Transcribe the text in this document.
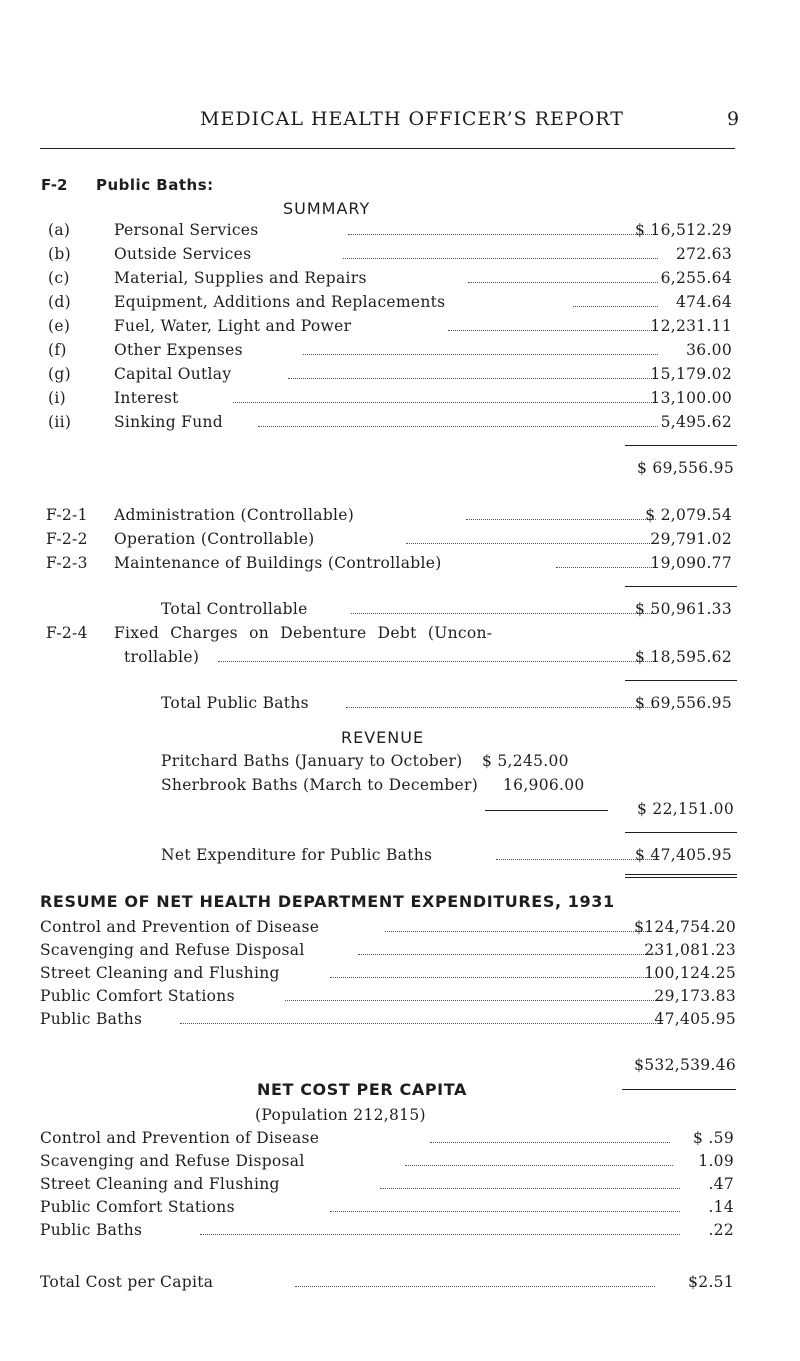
MEDICAL HEALTH OFFICER’S REPORT	9
F-2 Public Baths:
SUMMARY
(a)	Personal Services	$ 16,512.29
(b)	Outside Services	272.63
(c)	Material, Supplies and Repairs	6,255.64
(d)	Equipment, Additions and Replacements	474.64
(e)	Fuel, Water, Light and Power	12,231.11
(f)	Other Expenses	36.00
(g)	Capital Outlay	15,179.02
(i)	Interest	13,100.00
(ii)	Sinking Fund	5,495.62
$ 69,556.95
F-2-1 Administration (Controllable)	$ 2,079.54
F-2-2 Operation (Controllable)	29,791.02
F-2-3 Maintenance of Buildings (Controllable)	19,090.77
Total Controllable	$ 50,961.33
F-2-4 Fixed Charges on Debenture Debt (Uncon-
trollable)	$ 18,595.62
Total Public Baths	$ 69,556.95
REVENUE
Pritchard Baths (January to October) $ 5,245.00
Sherbrook Baths (March to December) 16,906.00
$ 22,151.00
Net Expenditure for Public Baths	$ 47,405.95
RESUME OF NET HEALTH DEPARTMENT EXPENDITURES, 1931
Control and Prevention of Disease	$124,754.20
Scavenging and Refuse Disposal	231,081.23
Street Cleaning and Flushing	100,124.25
Public Comfort Stations	29,173.83
Public Baths	47,405.95
$532,539.46
NET COST PER CAPITA
(Population 212,815)
Control and Prevention of Disease	$ .59
Scavenging and Refuse Disposal	1.09
Street Cleaning and Flushing	.47
Public Comfort Stations	.14
Public Baths	.22
Total Cost per Capita	$2.51
